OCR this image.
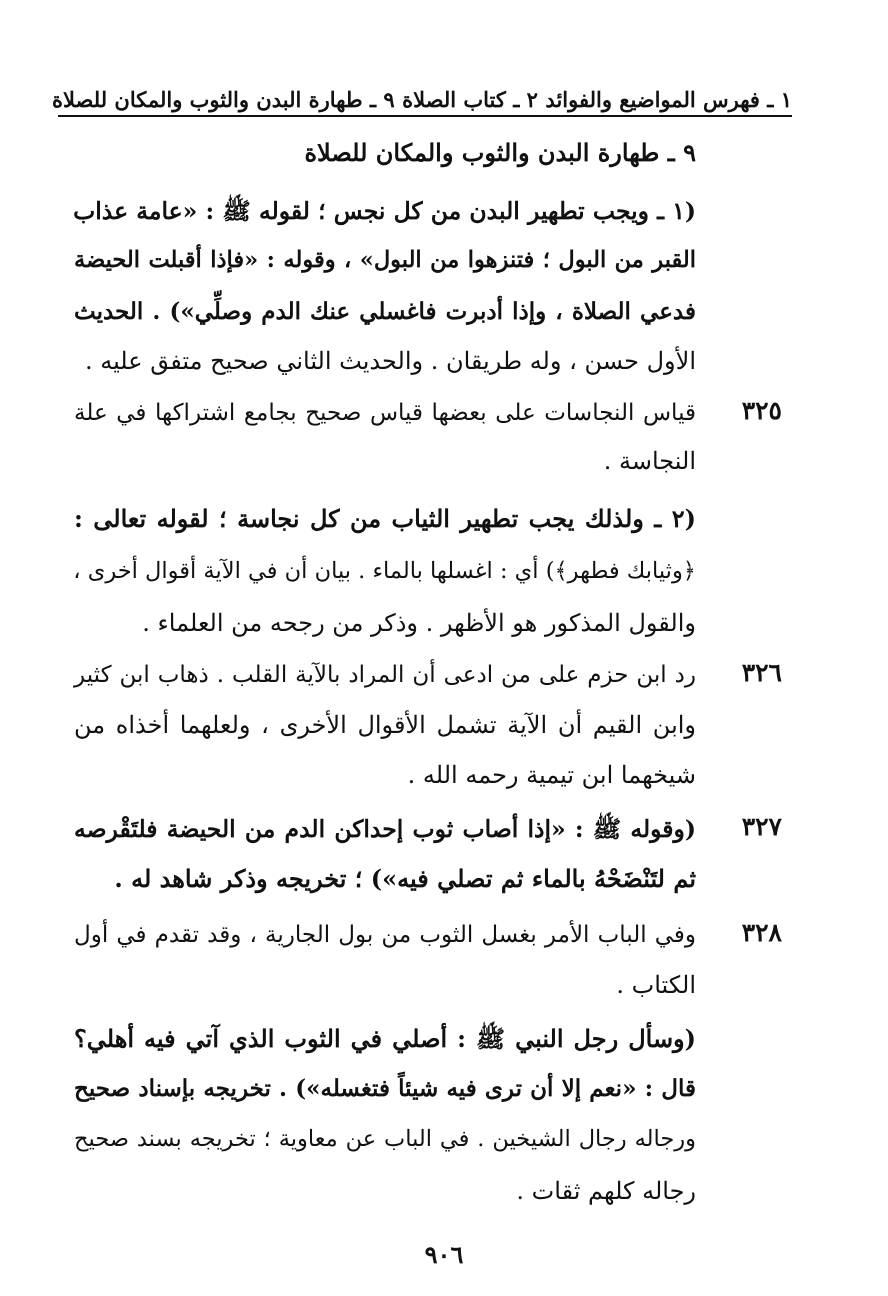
١ ـ فهرس المواضيع والفوائد
٢ ـ كتاب الصلاة
٩ ـ طهارة البدن والثوب والمكان للصلاة
٩ ـ طهارة البدن والثوب والمكان للصلاة
(١ ـ ويجب تطهير البدن من كل نجس ؛ لقوله ﷺ : «عامة عذاب
القبر من البول ؛ فتنزهوا من البول» ، وقوله : «فإذا أقبلت الحيضة
فدعي الصلاة ، وإذا أدبرت فاغسلي عنك الدم وصلِّي») . الحديث
الأول حسن ، وله طريقان . والحديث الثاني صحيح متفق عليه .
٣٢٥
قياس النجاسات على بعضها قياس صحيح بجامع اشتراكها في علة
النجاسة .
(٢ ـ ولذلك يجب تطهير الثياب من كل نجاسة ؛ لقوله تعالى :
﴿وثيابك فطهر﴾) أي : اغسلها بالماء . بيان أن في الآية أقوال أخرى ،
والقول المذكور هو الأظهر . وذكر من رجحه من العلماء .
٣٢٦
رد ابن حزم على من ادعى أن المراد بالآية القلب . ذهاب ابن كثير
وابن القيم أن الآية تشمل الأقوال الأخرى ، ولعلهما أخذاه من
شيخهما ابن تيمية رحمه الله .
٣٢٧
(وقوله ﷺ : «إذا أصاب ثوب إحداكن الدم من الحيضة فلتَقْرصه
ثم لتَنْضَحْهُ بالماء ثم تصلي فيه») ؛ تخريجه وذكر شاهد له .
٣٢٨
وفي الباب الأمر بغسل الثوب من بول الجارية ، وقد تقدم في أول
الكتاب .
(وسأل رجل النبي ﷺ : أصلي في الثوب الذي آتي فيه أهلي؟
قال : «نعم إلا أن ترى فيه شيئاً فتغسله») . تخريجه بإسناد صحيح
ورجاله رجال الشيخين . في الباب عن معاوية ؛ تخريجه بسند صحيح
رجاله كلهم ثقات .
٩٠٦
